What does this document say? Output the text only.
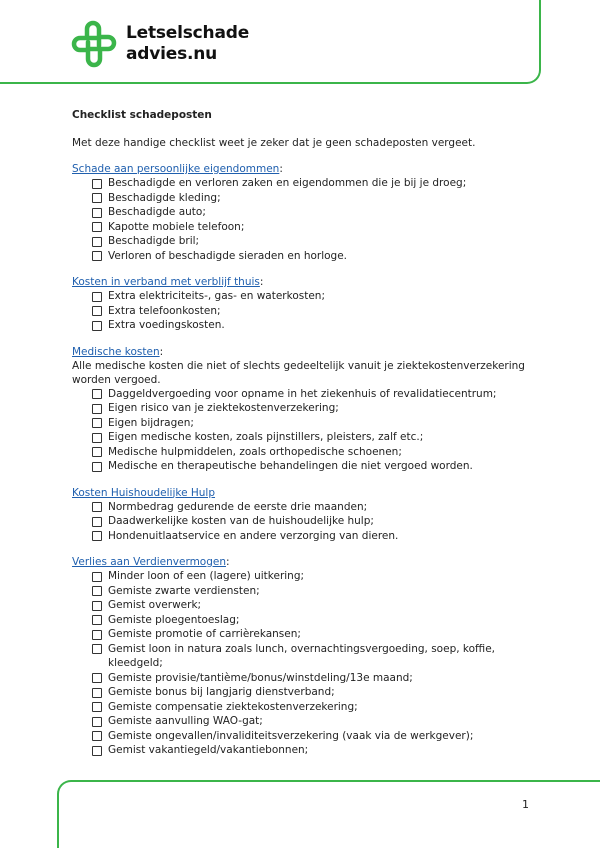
Letselschade
advies.nu

Checklist schadeposten

Met deze handige checklist weet je zeker dat je geen schadeposten vergeet.

Schade aan persoonlijke eigendommen:
Beschadigde en verloren zaken en eigendommen die je bij je droeg;
Beschadigde kleding;
Beschadigde auto;
Kapotte mobiele telefoon;
Beschadigde bril;
Verloren of beschadigde sieraden en horloge.
Kosten in verband met verblijf thuis:
Extra elektriciteits-, gas- en waterkosten;
Extra telefoonkosten;
Extra voedingskosten.
Medische kosten:
Alle medische kosten die niet of slechts gedeeltelijk vanuit je ziektekostenverzekering worden vergoed.
Daggeldvergoeding voor opname in het ziekenhuis of revalidatiecentrum;
Eigen risico van je ziektekostenverzekering;
Eigen bijdragen;
Eigen medische kosten, zoals pijnstillers, pleisters, zalf etc.;
Medische hulpmiddelen, zoals orthopedische schoenen;
Medische en therapeutische behandelingen die niet vergoed worden.
Kosten Huishoudelijke Hulp
Normbedrag gedurende de eerste drie maanden;
Daadwerkelijke kosten van de huishoudelijke hulp;
Hondenuitlaatservice en andere verzorging van dieren.
Verlies aan Verdienvermogen:
Minder loon of een (lagere) uitkering;
Gemiste zwarte verdiensten;
Gemist overwerk;
Gemiste ploegentoeslag;
Gemiste promotie of carrièrekansen;
Gemist loon in natura zoals lunch, overnachtingsvergoeding, soep, koffie, kleedgeld;
Gemiste provisie/tantième/bonus/winstdeling/13e maand;
Gemiste bonus bij langjarig dienstverband;
Gemiste compensatie ziektekostenverzekering;
Gemiste aanvulling WAO-gat;
Gemiste ongevallen/invaliditeitsverzekering (vaak via de werkgever);
Gemist vakantiegeld/vakantiebonnen;
1
